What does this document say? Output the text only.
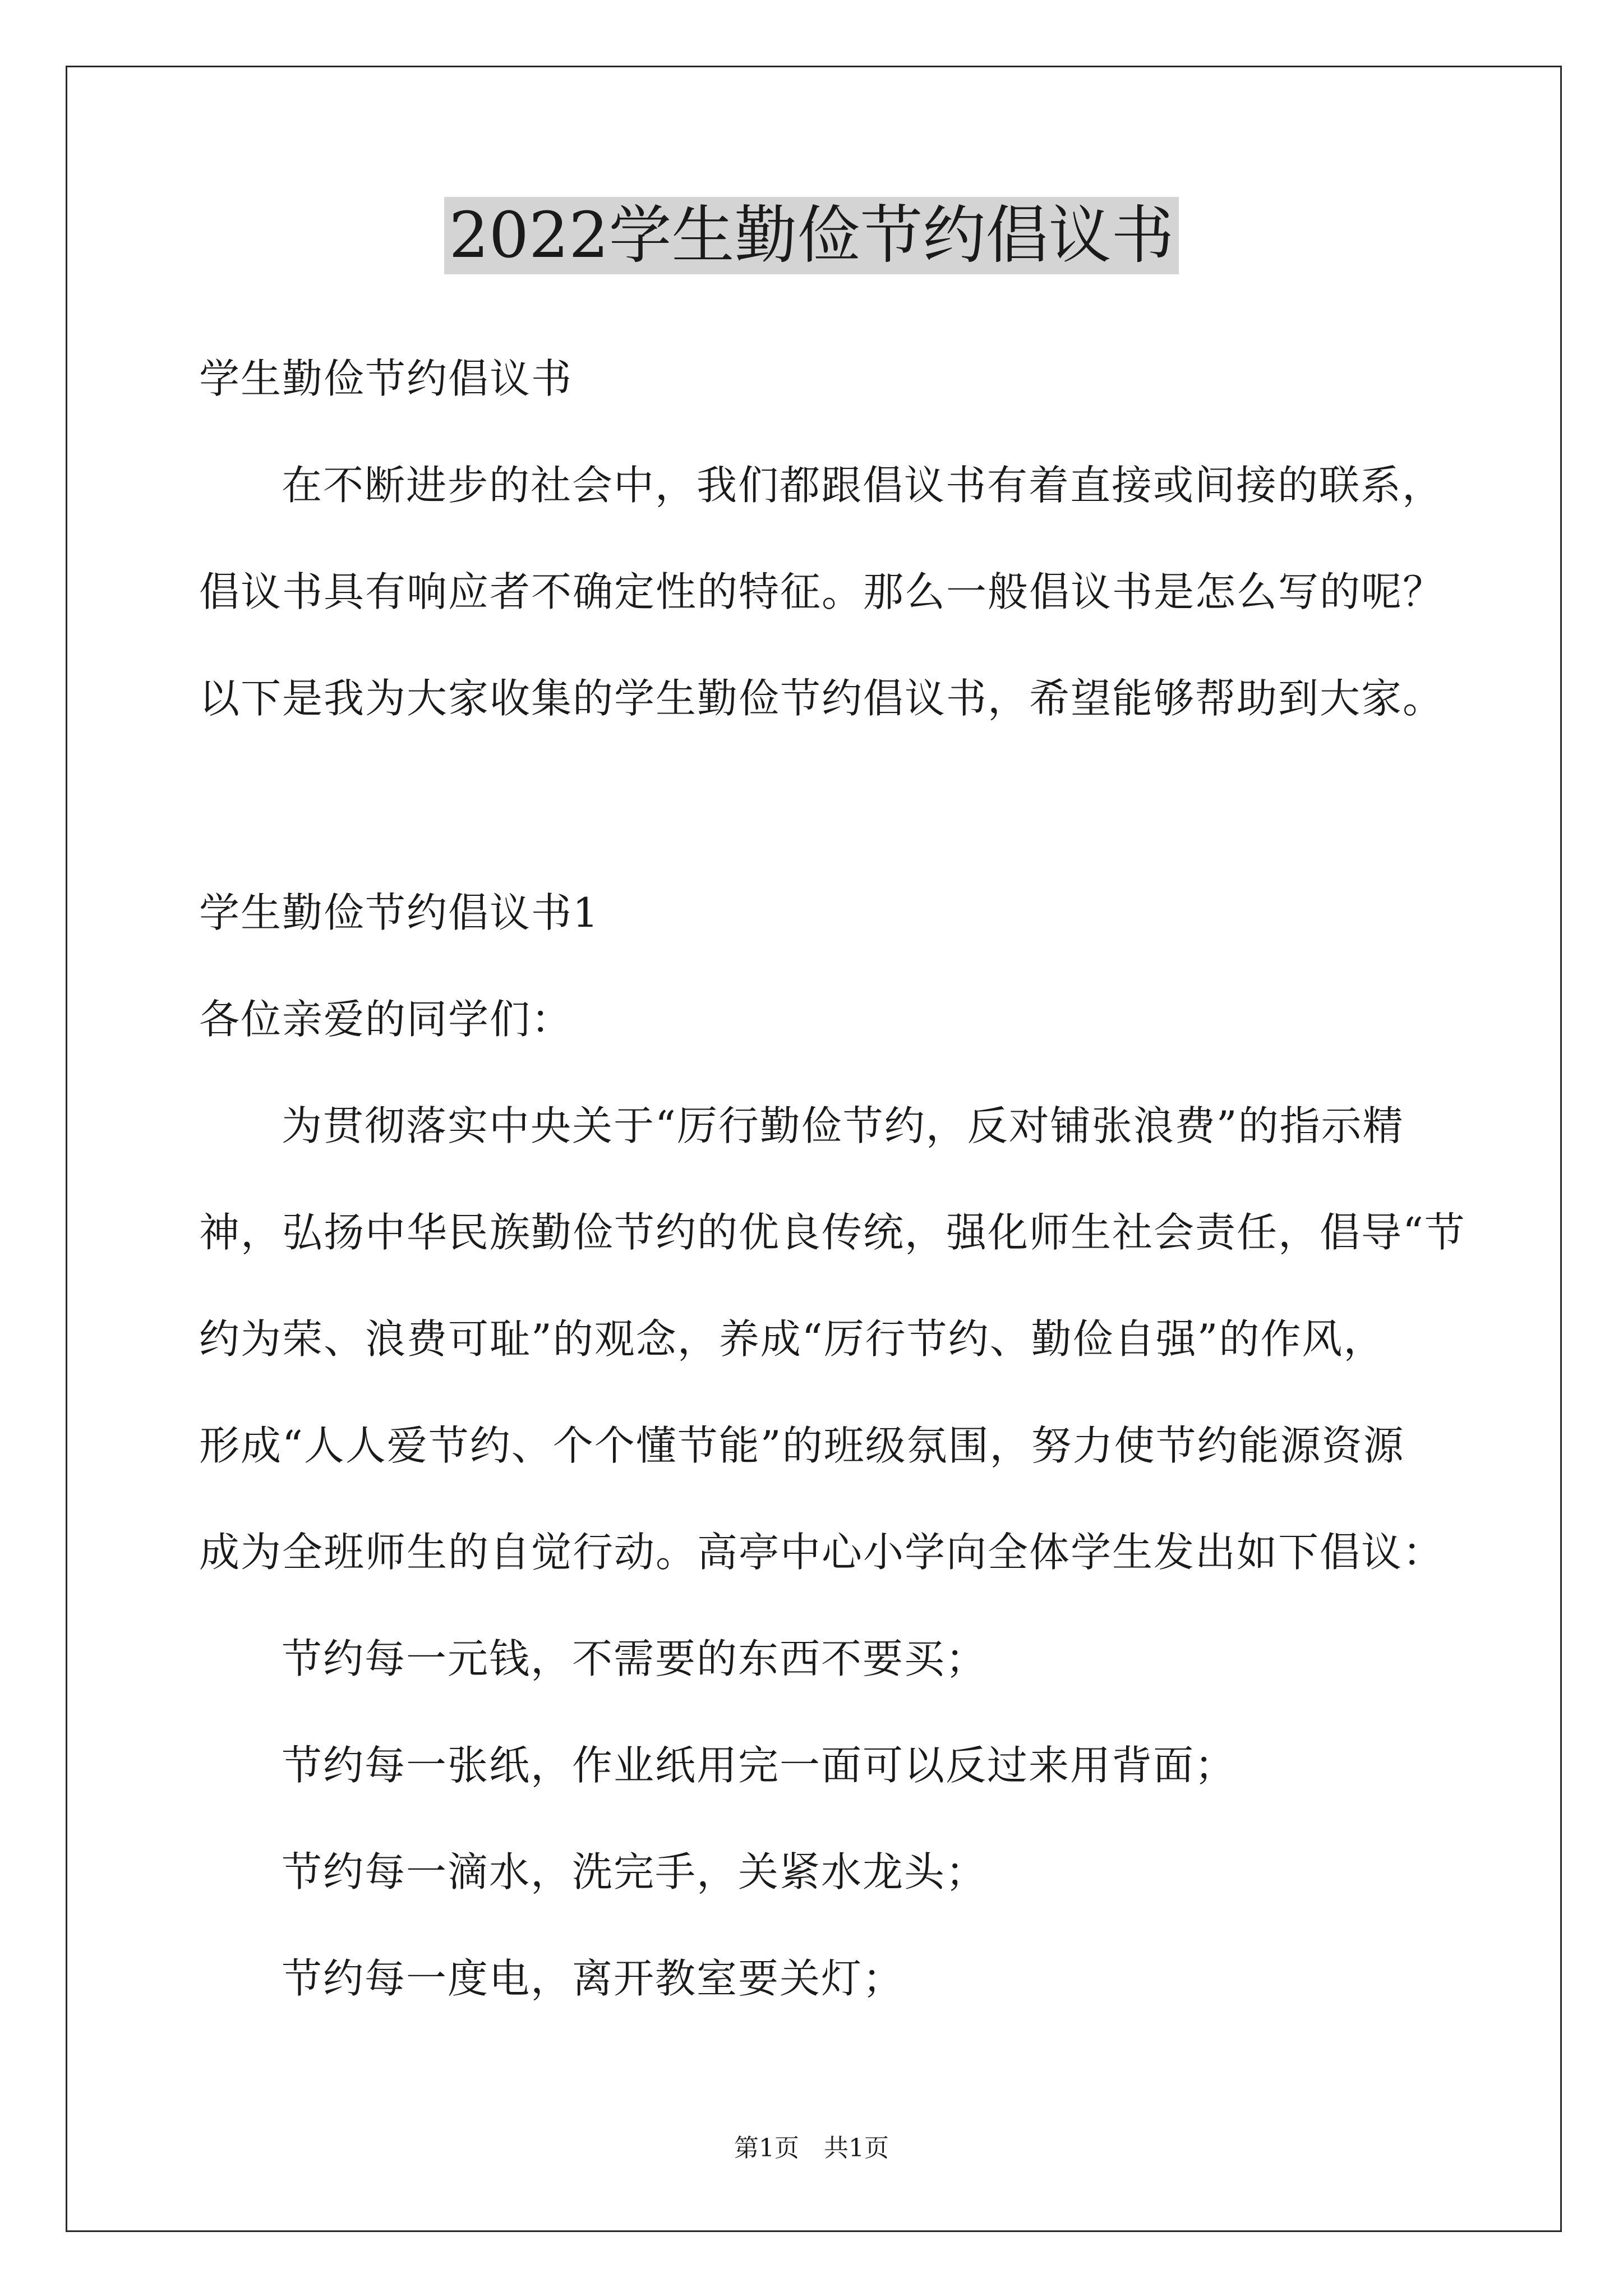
2022学生勤俭节约倡议书

学生勤俭节约倡议书

在不断进步的社会中，我们都跟倡议书有着直接或间接的联系，

倡议书具有响应者不确定性的特征。那么一般倡议书是怎么写的呢？

以下是我为大家收集的学生勤俭节约倡议书，希望能够帮助到大家。

学生勤俭节约倡议书1

各位亲爱的同学们：

为贯彻落实中央关于“厉行勤俭节约，反对铺张浪费”的指示精

神，弘扬中华民族勤俭节约的优良传统，强化师生社会责任，倡导“节

约为荣、浪费可耻”的观念，养成“厉行节约、勤俭自强”的作风，

形成“人人爱节约、个个懂节能”的班级氛围，努力使节约能源资源

成为全班师生的自觉行动。高亭中心小学向全体学生发出如下倡议：

节约每一元钱，不需要的东西不要买；

节约每一张纸，作业纸用完一面可以反过来用背面；

节约每一滴水，洗完手，关紧水龙头；

节约每一度电，离开教室要关灯；

第1页　共1页
